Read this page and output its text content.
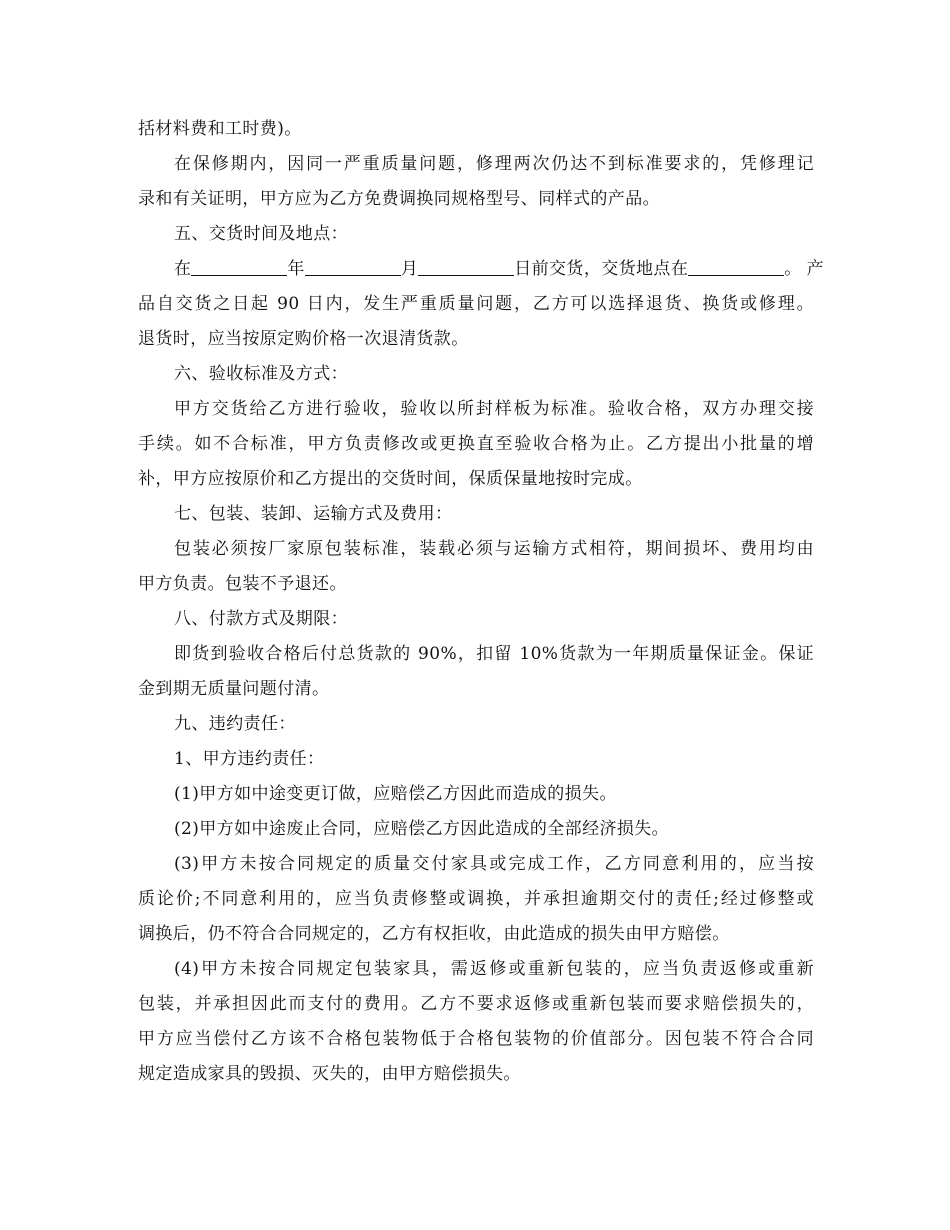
括材料费和工时费)。
在保修期内，因同一严重质量问题，修理两次仍达不到标准要求的，凭修理记
录和有关证明，甲方应为乙方免费调换同规格型号、同样式的产品。
五、交货时间及地点：
在	年	月	日前交货，交货地点在	。 产
品自交货之日起 90 日内，发生严重质量问题，乙方可以选择退货、换货或修理。
退货时，应当按原定购价格一次退清货款。
六、验收标准及方式：
甲方交货给乙方进行验收，验收以所封样板为标准。验收合格，双方办理交接
手续。如不合标准，甲方负责修改或更换直至验收合格为止。乙方提出小批量的增
补，甲方应按原价和乙方提出的交货时间，保质保量地按时完成。
七、包装、装卸、运输方式及费用：
包装必须按厂家原包装标准，装载必须与运输方式相符，期间损坏、费用均由
甲方负责。包装不予退还。
八、付款方式及期限：
即货到验收合格后付总货款的 90%，扣留 10%货款为一年期质量保证金。保证
金到期无质量问题付清。
九、违约责任：
1、甲方违约责任：
(1)甲方如中途变更订做，应赔偿乙方因此而造成的损失。
(2)甲方如中途废止合同，应赔偿乙方因此造成的全部经济损失。
(3)甲方未按合同规定的质量交付家具或完成工作，乙方同意利用的，应当按
质论价;不同意利用的，应当负责修整或调换，并承担逾期交付的责任;经过修整或
调换后，仍不符合合同规定的，乙方有权拒收，由此造成的损失由甲方赔偿。
(4)甲方未按合同规定包装家具，需返修或重新包装的，应当负责返修或重新
包装，并承担因此而支付的费用。乙方不要求返修或重新包装而要求赔偿损失的，
甲方应当偿付乙方该不合格包装物低于合格包装物的价值部分。因包装不符合合同
规定造成家具的毁损、灭失的，由甲方赔偿损失。
